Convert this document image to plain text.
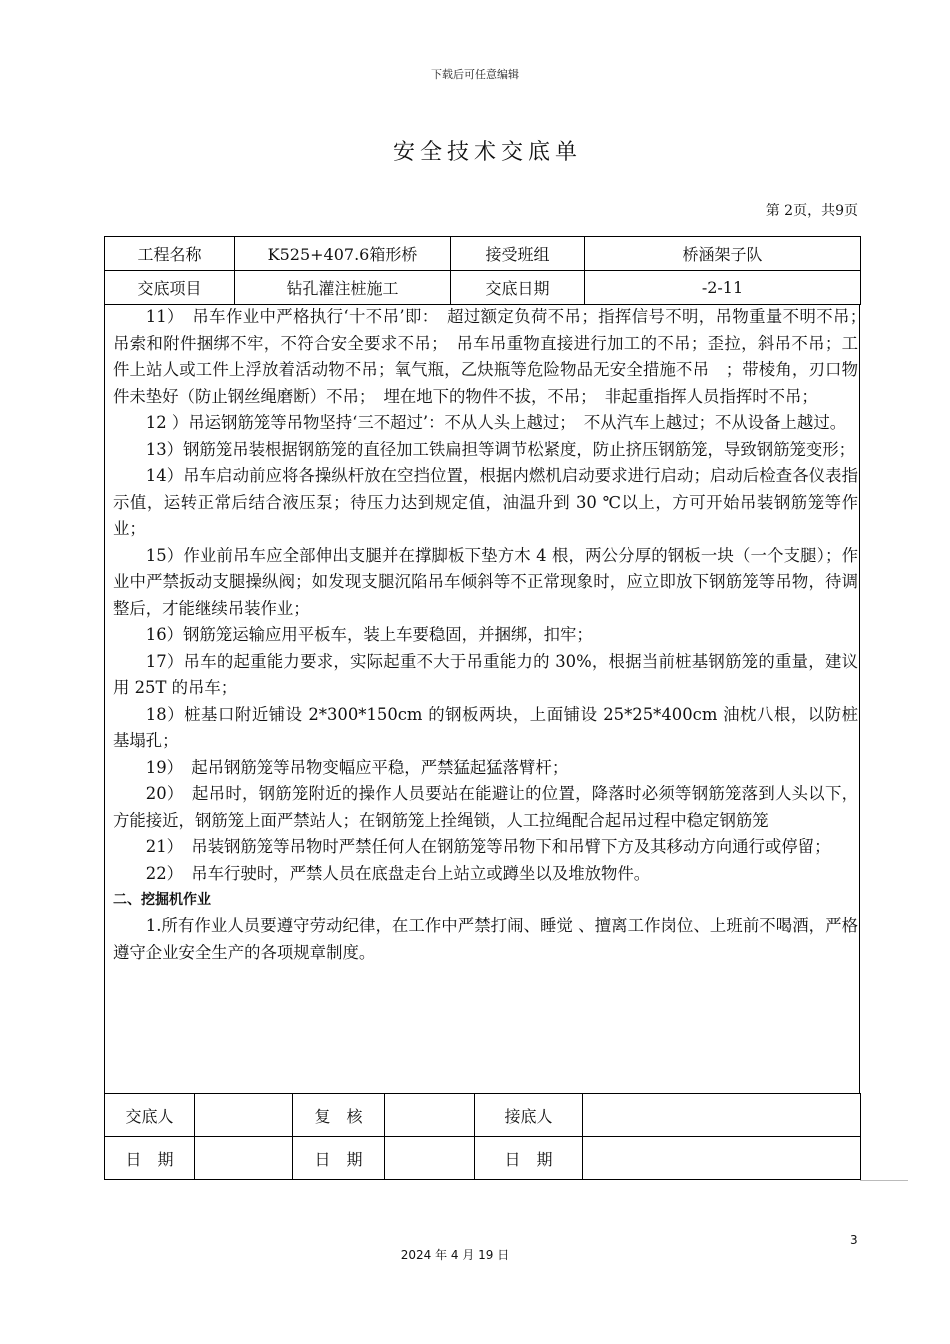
下载后可任意编辑
安全技术交底单
第 2页，共9页
工程名称	K525+407.6箱形桥	接受班组	桥涵架子队
交底项目	钻孔灌注桩施工	交底日期	-2-11

11）　吊车作业中严格执行‘十不吊’即：　超过额定负荷不吊；指挥信号不明，吊物重量不明不吊；　吊索和附件捆绑不牢，不符合安全要求不吊；　吊车吊重物直接进行加工的不吊；歪拉，斜吊不吊；工件上站人或工件上浮放着活动物不吊；氧气瓶，乙炔瓶等危险物品无安全措施不吊　；带棱角，刃口物件未垫好（防止钢丝绳磨断）不吊；　埋在地下的物件不拔，不吊；　非起重指挥人员指挥时不吊；

12 ）吊运钢筋笼等吊物坚持‘三不超过’：不从人头上越过；　不从汽车上越过；不从设备上越过。

13）钢筋笼吊装根据钢筋笼的直径加工铁扁担等调节松紧度，防止挤压钢筋笼，导致钢筋笼变形；

14）吊车启动前应将各操纵杆放在空挡位置，根据内燃机启动要求进行启动；启动后检查各仪表指示值，运转正常后结合液压泵；待压力达到规定值，油温升到 30 ℃以上，方可开始吊装钢筋笼等作业；

15）作业前吊车应全部伸出支腿并在撑脚板下垫方木 4 根，两公分厚的钢板一块（一个支腿）；作业中严禁扳动支腿操纵阀；如发现支腿沉陷吊车倾斜等不正常现象时，应立即放下钢筋笼等吊物，待调整后，才能继续吊装作业；

16）钢筋笼运输应用平板车，装上车要稳固，并捆绑，扣牢；

17）吊车的起重能力要求，实际起重不大于吊重能力的 30%，根据当前桩基钢筋笼的重量，建议用 25T 的吊车；

18）桩基口附近铺设 2*300*150cm 的钢板两块，上面铺设 25*25*400cm 油枕八根，以防桩基塌孔；

19）　起吊钢筋笼等吊物变幅应平稳，严禁猛起猛落臂杆；

20）　起吊时，钢筋笼附近的操作人员要站在能避让的位置，降落时必须等钢筋笼落到人头以下，方能接近，钢筋笼上面严禁站人；在钢筋笼上拴绳锁，人工拉绳配合起吊过程中稳定钢筋笼

21）　吊装钢筋笼等吊物时严禁任何人在钢筋笼等吊物下和吊臂下方及其移动方向通行或停留；

22）　吊车行驶时，严禁人员在底盘走台上站立或蹲坐以及堆放物件。

二、挖掘机作业

1.所有作业人员要遵守劳动纪律，在工作中严禁打闹、睡觉 、擅离工作岗位、上班前不喝酒，严格遵守企业安全生产的各项规章制度。

交底人		复　核		接底人	
日　期		日　期		日　期	
3
2024 年 4 月 19 日
